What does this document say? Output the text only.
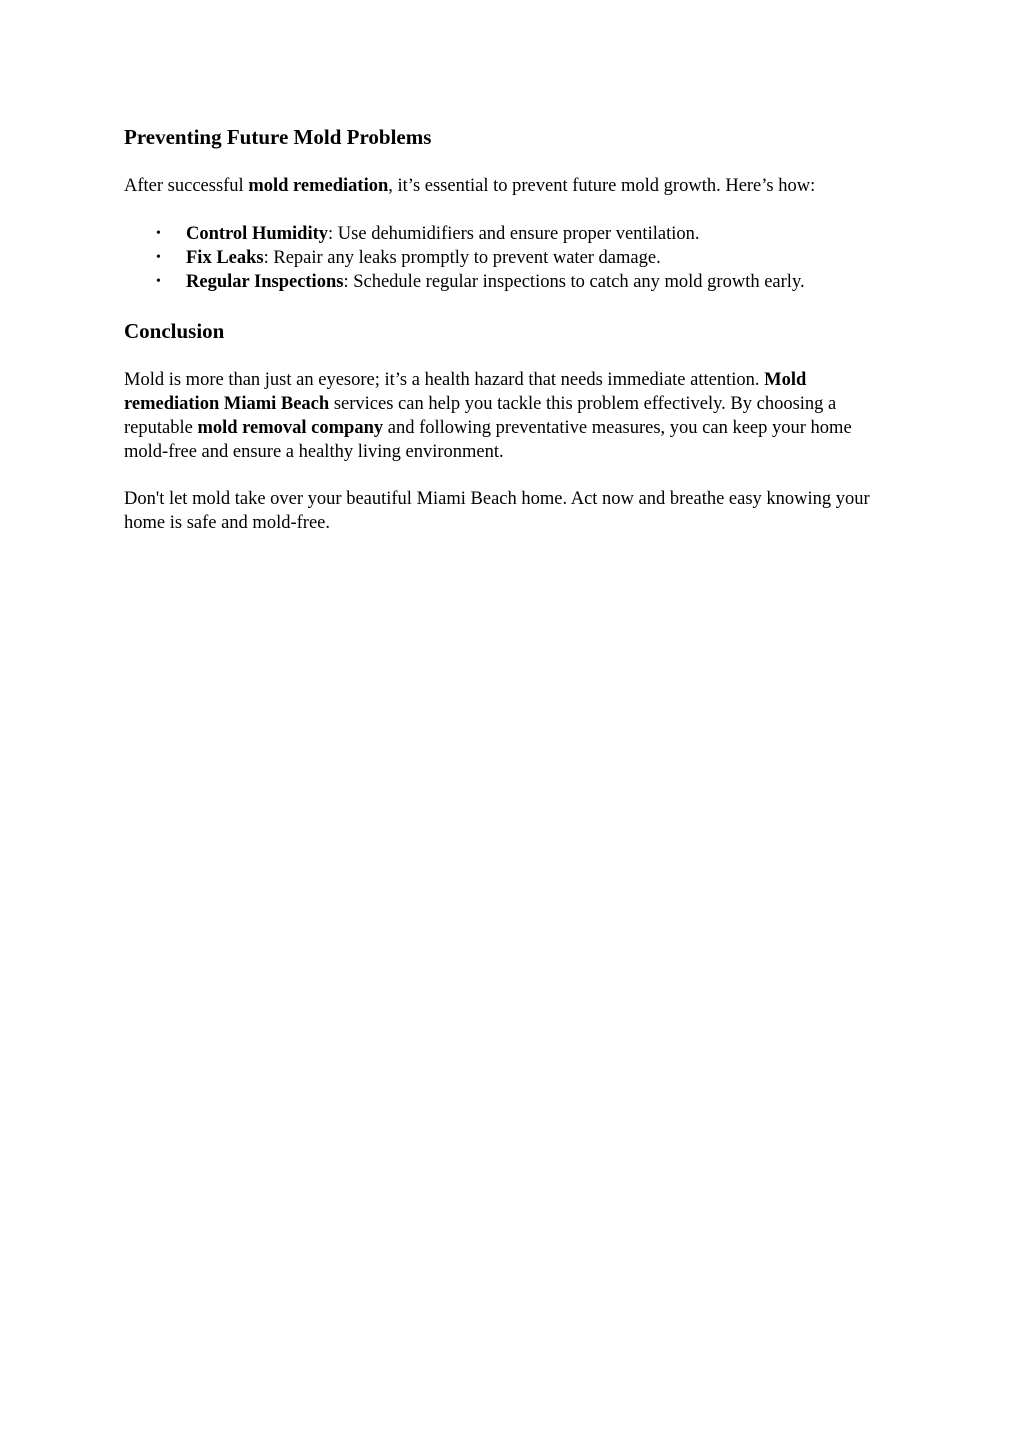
Preventing Future Mold Problems

After successful mold remediation, it’s essential to prevent future mold growth. Here’s how:

• Control Humidity: Use dehumidifiers and ensure proper ventilation.
• Fix Leaks: Repair any leaks promptly to prevent water damage.
• Regular Inspections: Schedule regular inspections to catch any mold growth early.
Conclusion

Mold is more than just an eyesore; it’s a health hazard that needs immediate attention. Mold remediation Miami Beach services can help you tackle this problem effectively. By choosing a reputable mold removal company and following preventative measures, you can keep your home mold-free and ensure a healthy living environment.

Don't let mold take over your beautiful Miami Beach home. Act now and breathe easy knowing your home is safe and mold-free.
